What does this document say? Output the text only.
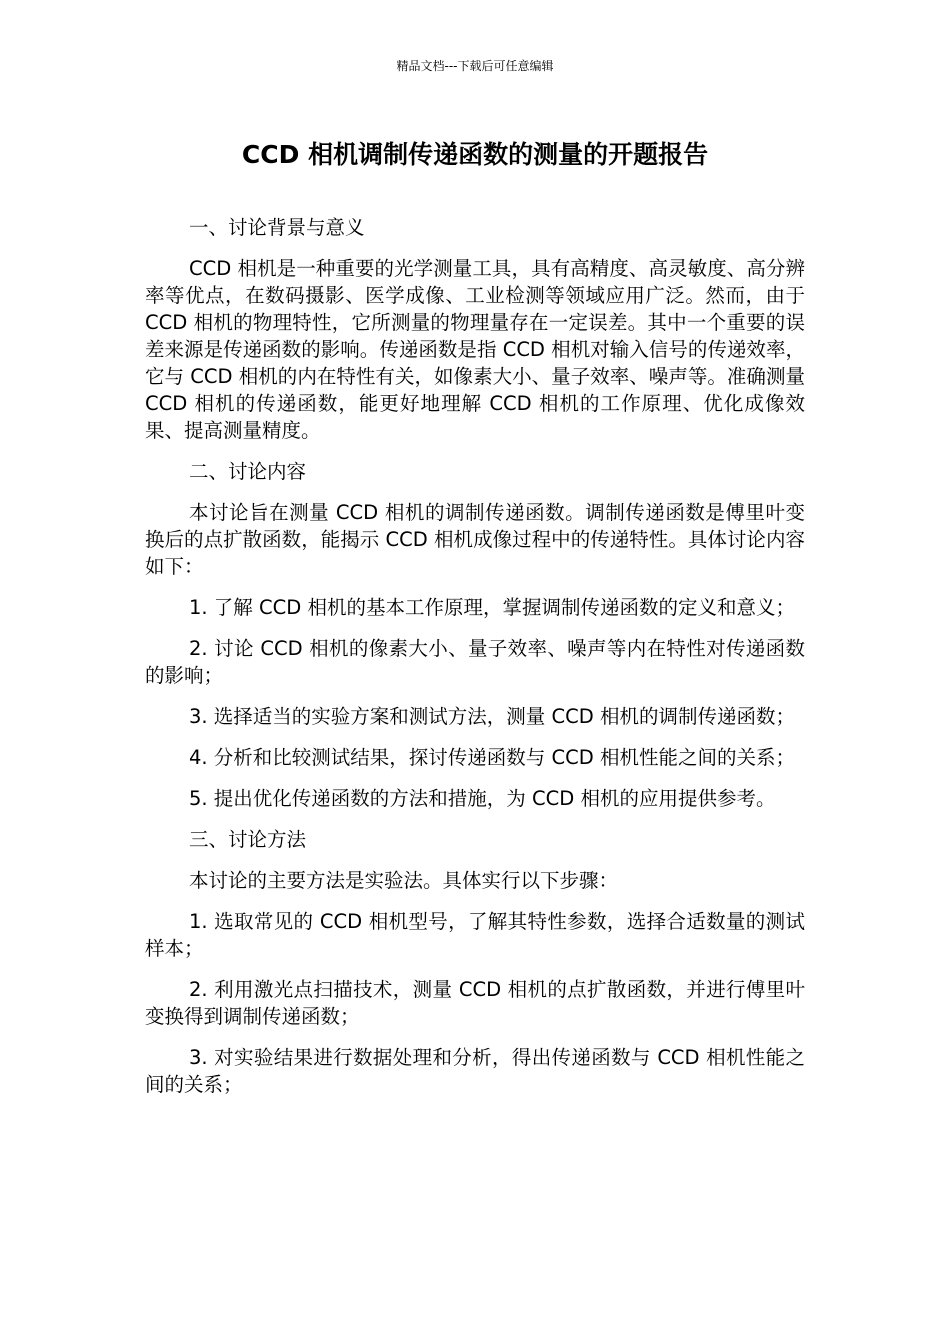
精品文档---下载后可任意编辑
CCD 相机调制传递函数的测量的开题报告

一、讨论背景与意义

CCD 相机是一种重要的光学测量工具，具有高精度、高灵敏度、高分辨率等优点，在数码摄影、医学成像、工业检测等领域应用广泛。然而，由于 CCD 相机的物理特性，它所测量的物理量存在一定误差。其中一个重要的误差来源是传递函数的影响。传递函数是指 CCD 相机对输入信号的传递效率，它与 CCD 相机的内在特性有关，如像素大小、量子效率、噪声等。准确测量 CCD 相机的传递函数，能更好地理解 CCD 相机的工作原理、优化成像效果、提高测量精度。

二、讨论内容

本讨论旨在测量 CCD 相机的调制传递函数。调制传递函数是傅里叶变换后的点扩散函数，能揭示 CCD 相机成像过程中的传递特性。具体讨论内容如下：

1. 了解 CCD 相机的基本工作原理，掌握调制传递函数的定义和意义；

2. 讨论 CCD 相机的像素大小、量子效率、噪声等内在特性对传递函数的影响；

3. 选择适当的实验方案和测试方法，测量 CCD 相机的调制传递函数；

4. 分析和比较测试结果，探讨传递函数与 CCD 相机性能之间的关系；

5. 提出优化传递函数的方法和措施，为 CCD 相机的应用提供参考。

三、讨论方法

本讨论的主要方法是实验法。具体实行以下步骤：

1. 选取常见的 CCD 相机型号，了解其特性参数，选择合适数量的测试样本；

2. 利用激光点扫描技术，测量 CCD 相机的点扩散函数，并进行傅里叶变换得到调制传递函数；

3. 对实验结果进行数据处理和分析，得出传递函数与 CCD 相机性能之间的关系；
